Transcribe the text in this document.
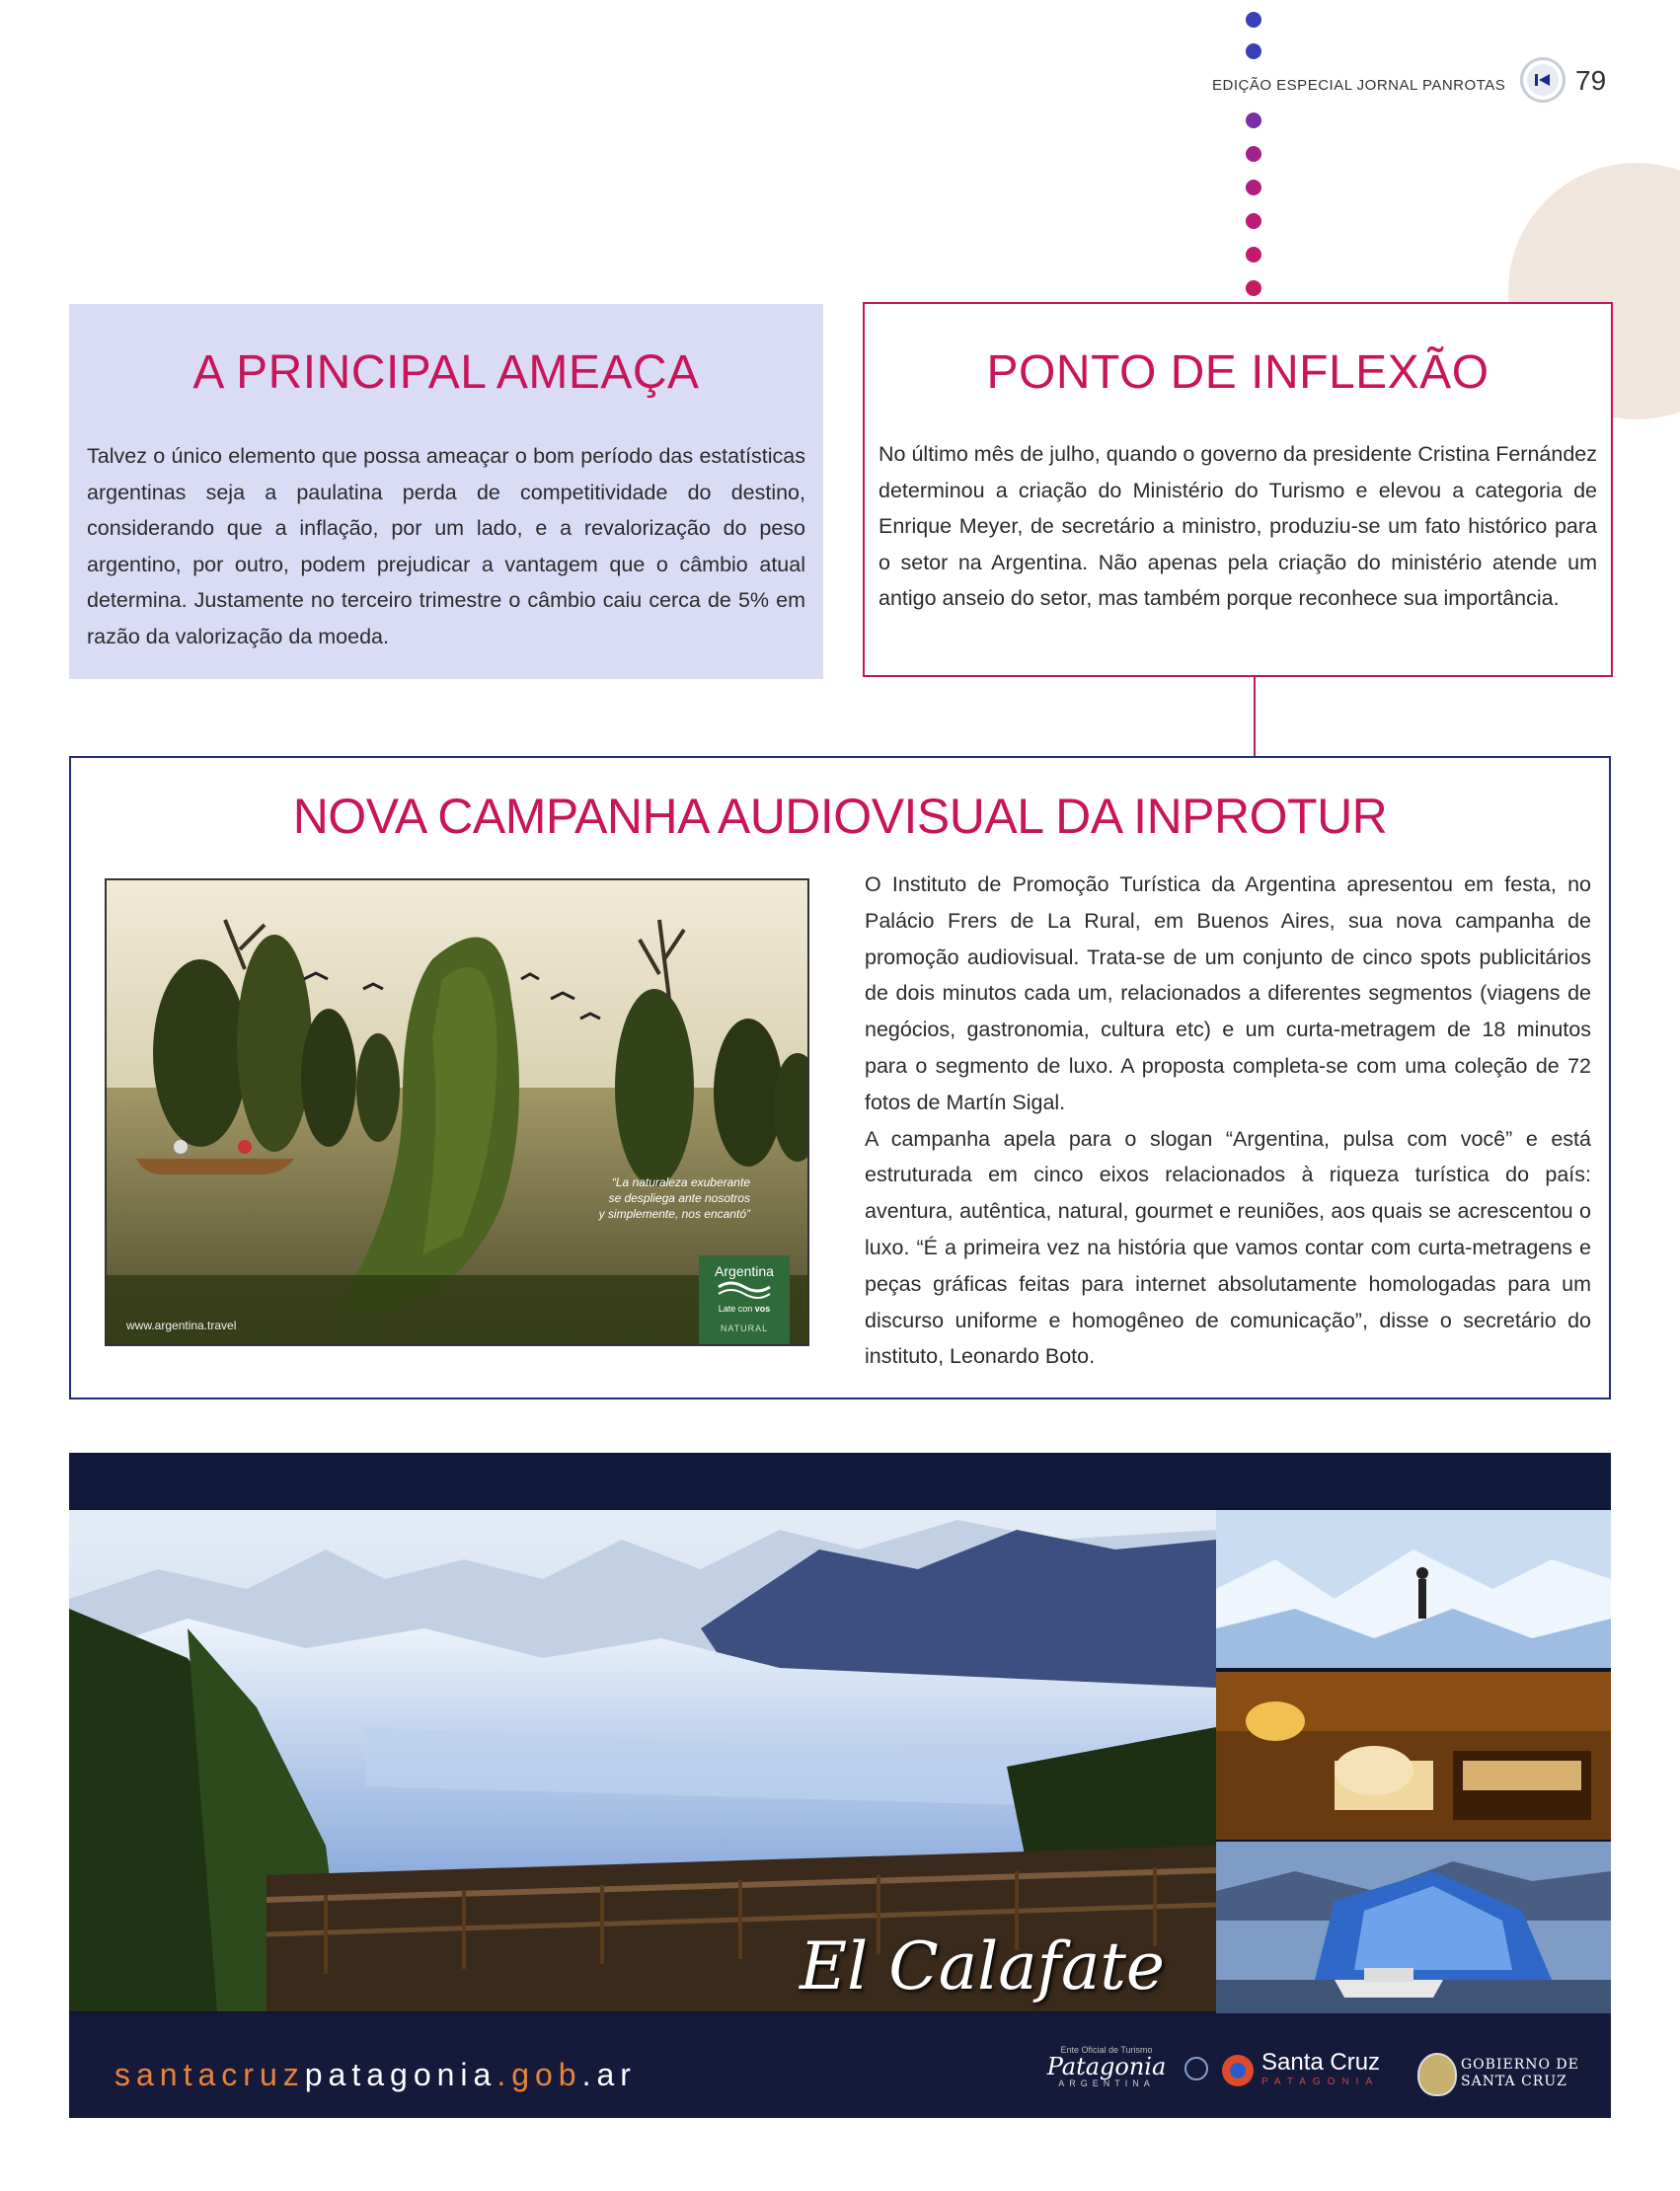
EDIÇÃO ESPECIAL JORNAL PANROTAS	79
A PRINCIPAL AMEAÇA
Talvez o único elemento que possa ameaçar o bom período das estatísticas argentinas seja a paulatina perda de competitividade do destino, considerando que a inflação, por um lado, e a revalorização do peso argentino, por outro, podem prejudicar a vantagem que o câmbio atual determina. Justamente no terceiro trimestre o câmbio caiu cerca de 5% em razão da valorização da moeda.
PONTO DE INFLEXÃO
No último mês de julho, quando o governo da presidente Cristina Fernández determinou a criação do Ministério do Turismo e elevou a categoria de Enrique Meyer, de secretário a ministro, produziu-se um fato histórico para o setor na Argentina. Não apenas pela criação do ministério atende um antigo anseio do setor, mas também porque reconhece sua importância.
NOVA CAMPANHA AUDIOVISUAL DA INPROTUR
“La naturaleza exuberante
se despliega ante nosotros
y simplemente, nos encantó”
www.argentina.travel
Argentina
Late con vos
NATURAL
O Instituto de Promoção Turística da Argentina apresentou em festa, no Palácio Frers de La Rural, em Buenos Aires, sua nova campanha de promoção audiovisual. Trata-se de um conjunto de cinco spots publicitários de dois minutos cada um, relacionados a diferentes segmentos (viagens de negócios, gastronomia, cultura etc) e um curta-metragem de 18 minutos para o segmento de luxo. A proposta completa-se com uma coleção de 72 fotos de Martín Sigal.
A campanha apela para o slogan “Argentina, pulsa com você” e está estruturada em cinco eixos relacionados à riqueza turística do país: aventura, autêntica, natural, gourmet e reuniões, aos quais se acrescentou o luxo. “É a primeira vez na história que vamos contar com curta-metragens e peças gráficas feitas para internet absolutamente homologadas para um discurso uniforme e homogêneo de comunicação”, disse o secretário do instituto, Leonardo Boto.
El Calafate
santacruzpatagonia.gob.ar
Ente Oficial de Turismo
Patagonia
ARGENTINA
Santa Cruz
PATAGONIA
GOBIERNO DE
SANTA CRUZ
